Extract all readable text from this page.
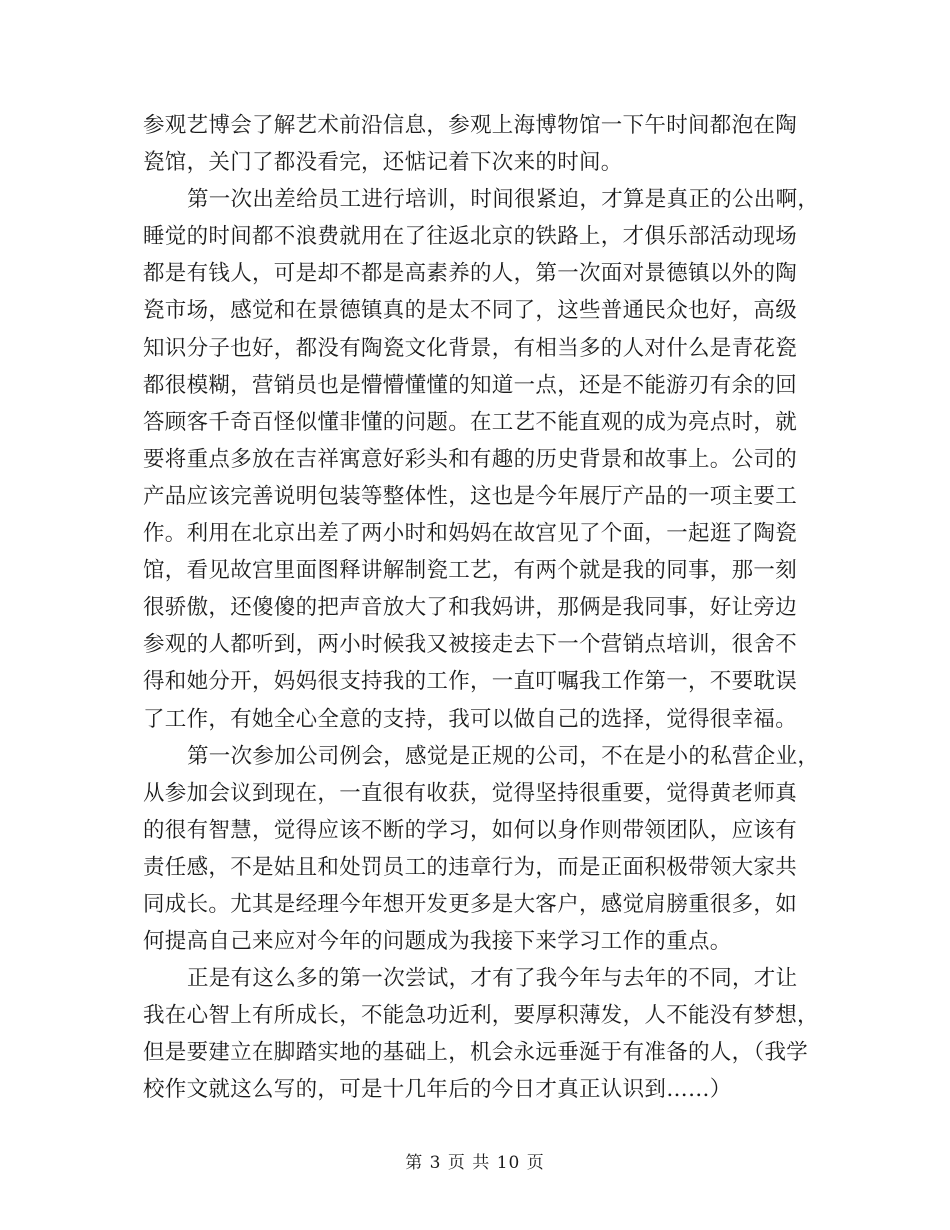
参观艺博会了解艺术前沿信息，参观上海博物馆一下午时间都泡在陶
瓷馆，关门了都没看完，还惦记着下次来的时间。
第一次出差给员工进行培训，时间很紧迫，才算是真正的公出啊，
睡觉的时间都不浪费就用在了往返北京的铁路上，才俱乐部活动现场
都是有钱人，可是却不都是高素养的人，第一次面对景德镇以外的陶
瓷市场，感觉和在景德镇真的是太不同了，这些普通民众也好，高级
知识分子也好，都没有陶瓷文化背景，有相当多的人对什么是青花瓷
都很模糊，营销员也是懵懵懂懂的知道一点，还是不能游刃有余的回
答顾客千奇百怪似懂非懂的问题。在工艺不能直观的成为亮点时，就
要将重点多放在吉祥寓意好彩头和有趣的历史背景和故事上。公司的
产品应该完善说明包装等整体性，这也是今年展厅产品的一项主要工
作。利用在北京出差了两小时和妈妈在故宫见了个面，一起逛了陶瓷
馆，看见故宫里面图释讲解制瓷工艺，有两个就是我的同事，那一刻
很骄傲，还傻傻的把声音放大了和我妈讲，那俩是我同事，好让旁边
参观的人都听到，两小时候我又被接走去下一个营销点培训，很舍不
得和她分开，妈妈很支持我的工作，一直叮嘱我工作第一，不要耽误
了工作，有她全心全意的支持，我可以做自己的选择，觉得很幸福。
第一次参加公司例会，感觉是正规的公司，不在是小的私营企业，
从参加会议到现在，一直很有收获，觉得坚持很重要，觉得黄老师真
的很有智慧，觉得应该不断的学习，如何以身作则带领团队，应该有
责任感，不是姑且和处罚员工的违章行为，而是正面积极带领大家共
同成长。尤其是经理今年想开发更多是大客户，感觉肩膀重很多，如
何提高自己来应对今年的问题成为我接下来学习工作的重点。
正是有这么多的第一次尝试，才有了我今年与去年的不同，才让
我在心智上有所成长，不能急功近利，要厚积薄发，人不能没有梦想，
但是要建立在脚踏实地的基础上，机会永远垂涎于有准备的人，（我学
校作文就这么写的，可是十几年后的今日才真正认识到……）
第 3 页 共 10 页
